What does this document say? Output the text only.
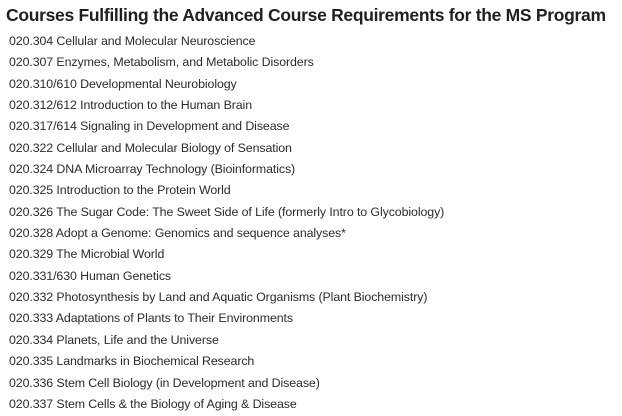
Courses Fulfilling the Advanced Course Requirements for the MS Program
020.304 Cellular and Molecular Neuroscience
020.307 Enzymes, Metabolism, and Metabolic Disorders
020.310/610 Developmental Neurobiology
020.312/612 Introduction to the Human Brain
020.317/614 Signaling in Development and Disease
020.322 Cellular and Molecular Biology of Sensation
020.324 DNA Microarray Technology (Bioinformatics)
020.325 Introduction to the Protein World
020.326 The Sugar Code: The Sweet Side of Life (formerly Intro to Glycobiology)
020.328 Adopt a Genome: Genomics and sequence analyses*
020.329 The Microbial World
020.331/630 Human Genetics
020.332 Photosynthesis by Land and Aquatic Organisms (Plant Biochemistry)
020.333 Adaptations of Plants to Their Environments
020.334 Planets, Life and the Universe
020.335 Landmarks in Biochemical Research
020.336 Stem Cell Biology (in Development and Disease)
020.337 Stem Cells & the Biology of Aging & Disease
